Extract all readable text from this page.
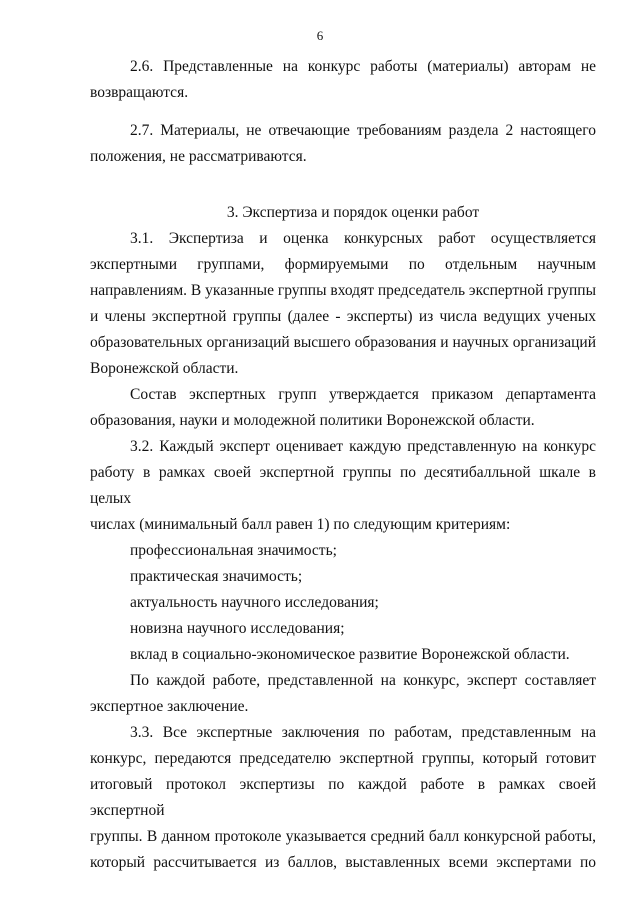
6

2.6. Представленные на конкурс работы (материалы) авторам не

возвращаются.

2.7. Материалы, не отвечающие требованиям раздела 2 настоящего

положения, не рассматриваются.

3. Экспертиза и порядок оценки работ

3.1. Экспертиза и оценка конкурсных работ осуществляется

экспертными группами, формируемыми по отдельным научным

направлениям. В указанные группы входят председатель экспертной группы

и члены экспертной группы (далее - эксперты) из числа ведущих ученых

образовательных организаций высшего образования и научных организаций

Воронежской области.

Состав экспертных групп утверждается приказом департамента

образования, науки и молодежной политики Воронежской области.

3.2. Каждый эксперт оценивает каждую представленную на конкурс

работу в рамках своей экспертной группы по десятибалльной шкале в целых

числах (минимальный балл равен 1) по следующим критериям:

профессиональная значимость;

практическая значимость;

актуальность научного исследования;

новизна научного исследования;

вклад в социально-экономическое развитие Воронежской области.

По каждой работе, представленной на конкурс, эксперт составляет

экспертное заключение.

3.3. Все экспертные заключения по работам, представленным на

конкурс, передаются председателю экспертной группы, который готовит

итоговый протокол экспертизы по каждой работе в рамках своей экспертной

группы. В данном протоколе указывается средний балл конкурсной работы,

который рассчитывается из баллов, выставленных всеми экспертами по
